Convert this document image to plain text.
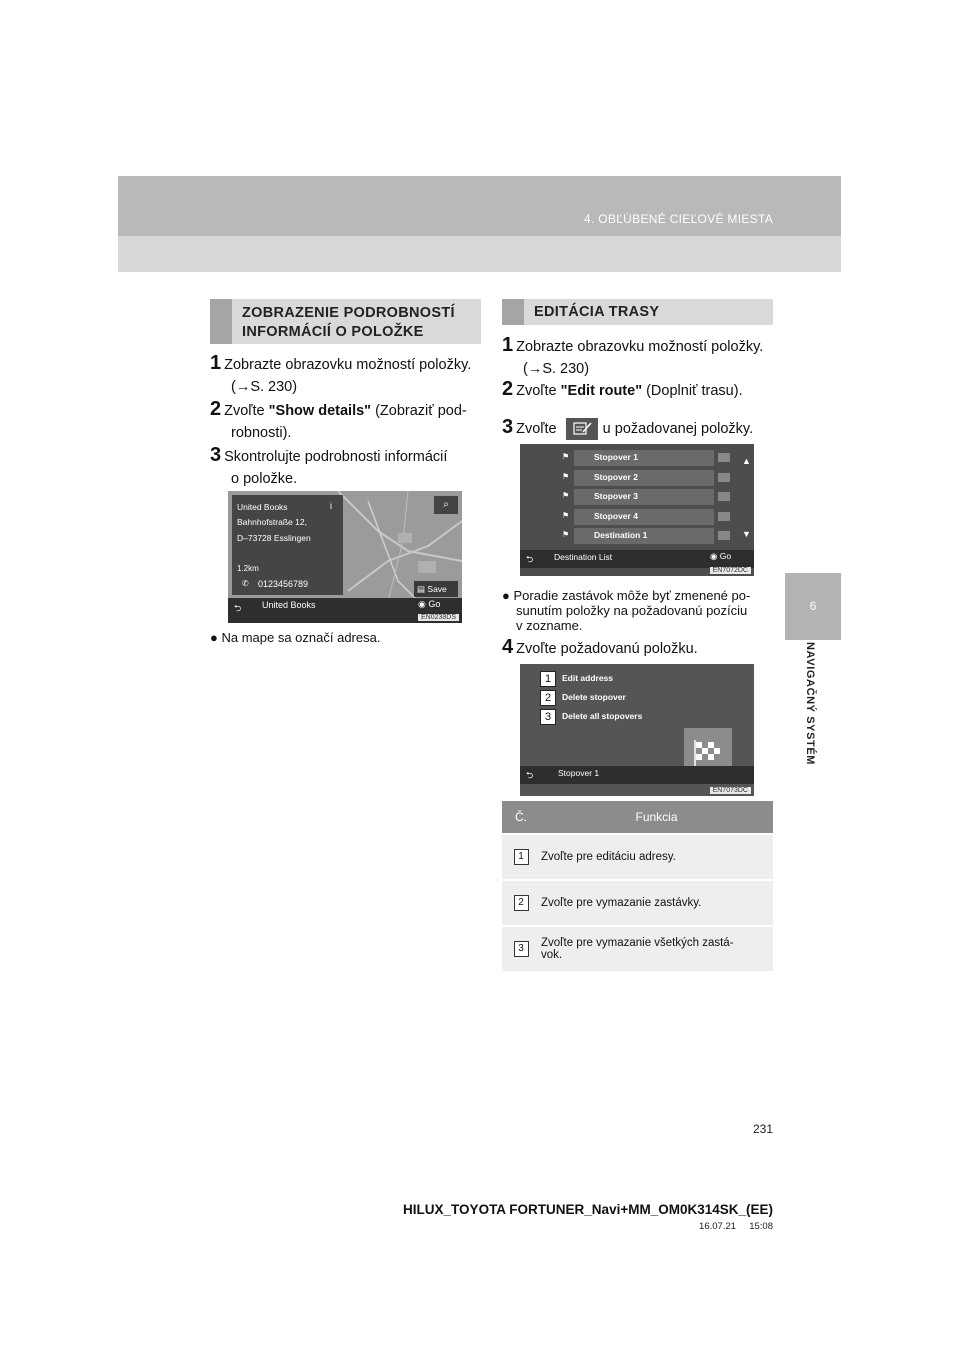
4. OBĽÚBENÉ CIEĽOVÉ MIESTA
6
NAVIGAČNÝ SYSTÉM
ZOBRAZENIE PODROBNOSTÍ
INFORMÁCIÍ O POLOŽKE
1 Zobrazte obrazovku možností položky.
(→S. 230)
2 Zvoľte "Show details" (Zobraziť pod-
robnosti).
3 Skontrolujte podrobnosti informácií
o položke.
United Books	i
Bahnhofstraße 12,
D–73728 Esslingen
1.2km
✆ 0123456789
⌕
▤ Save
⮌ United Books	◉ Go
EN0238DS
● Na mape sa označí adresa.
EDITÁCIA TRASY
1 Zobrazte obrazovku možností položky.
(→S. 230)
2 Zvoľte "Edit route" (Doplniť trasu).
3 Zvoľte	u požadovanej položky.
Stopover 1
⚑
Stopover 2
⚑
Stopover 3
⚑
Stopover 4
⚑
Destination 1
⚑
▲
▼
⮌ Destination List	◉ Go
EN7072DC
● Poradie zastávok môže byť zmenené po-
sunutím položky na požadovanú pozíciu
v zozname.
4 Zvoľte požadovanú položku.
1	Edit address
2	Delete stopover
3	Delete all stopovers
⮌	Stopover 1
EN7073DC
Č.	Funkcia
1	Zvoľte pre editáciu adresy.
2	Zvoľte pre vymazanie zastávky.
3	Zvoľte pre vymazanie všetkých zastá-
vok.
231
HILUX_TOYOTA FORTUNER_Navi+MM_OM0K314SK_(EE)
16.07.21     15:08
